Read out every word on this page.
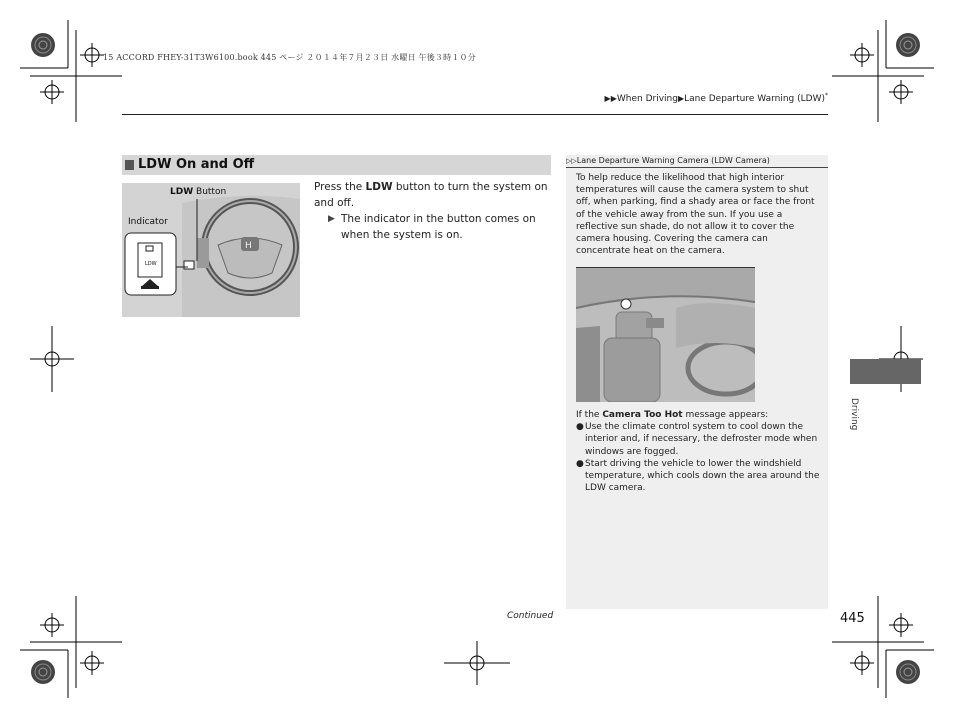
15 ACCORD FHEY-31T3W6100.book 445 ページ ２０１４年７月２３日 水曜日 午後３時１０分
▶▶When Driving▶Lane Departure Warning (LDW)*
LDW On and Off
H
LDW Button
Indicator
LDW
Press the LDW button to turn the system on and off.
▶ The indicator in the button comes on when the system is on.
▷▷Lane Departure Warning Camera (LDW Camera)
To help reduce the likelihood that high interior temperatures will cause the camera system to shut off, when parking, find a shady area or face the front of the vehicle away from the sun. If you use a reflective sun shade, do not allow it to cover the camera housing. Covering the camera can concentrate heat on the camera.
If the Camera Too Hot message appears:
● Use the climate control system to cool down the interior and, if necessary, the defroster mode when windows are fogged.
● Start driving the vehicle to lower the windshield temperature, which cools down the area around the LDW camera.
Continued	445
Driving
